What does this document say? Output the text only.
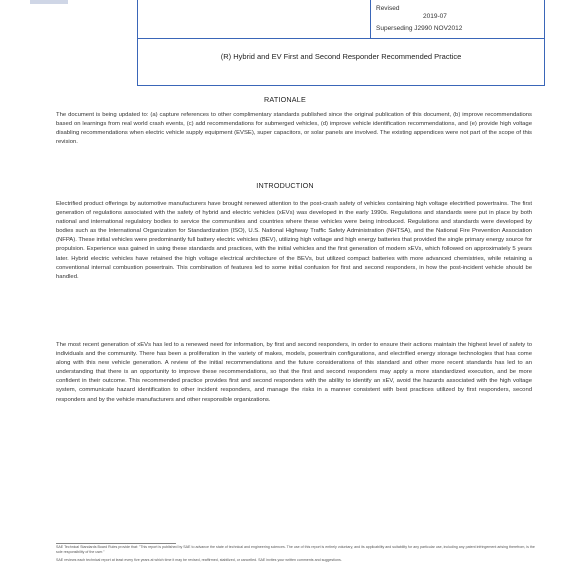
Revised
2019-07
Superseding J2990 NOV2012
(R) Hybrid and EV First and Second Responder Recommended Practice
RATIONALE
The document is being updated to: (a) capture references to other complimentary standards published since the original publication of this document, (b) improve recommendations based on learnings from real world crash events, (c) add recommendations for submerged vehicles, (d) improve vehicle identification recommendations, and (e) provide high voltage disabling recommendations when electric vehicle supply equipment (EVSE), super capacitors, or solar panels are involved. The existing appendices were not part of the scope of this revision.
INTRODUCTION
Electrified product offerings by automotive manufacturers have brought renewed attention to the post-crash safety of vehicles containing high voltage electrified powertrains. The first generation of regulations associated with the safety of hybrid and electric vehicles (xEVs) was developed in the early 1990s. Regulations and standards were put in place by both national and international regulatory bodies to service the communities and countries where these vehicles were being introduced. Regulations and standards were developed by bodies such as the International Organization for Standardization (ISO), U.S. National Highway Traffic Safety Administration (NHTSA), and the National Fire Prevention Association (NFPA). These initial vehicles were predominantly full battery electric vehicles (BEV), utilizing high voltage and high energy batteries that provided the single primary energy source for propulsion. Experience was gained in using these standards and practices, with the initial vehicles and the first generation of modern xEVs, which followed on approximately 5 years later. Hybrid electric vehicles have retained the high voltage electrical architecture of the BEVs, but utilized compact batteries with more advanced chemistries, while retaining a conventional internal combustion powertrain. This combination of features led to some initial confusion for first and second responders, in how the post-incident vehicle should be handled.
The most recent generation of xEVs has led to a renewed need for information, by first and second responders, in order to ensure their actions maintain the highest level of safety to individuals and the community. There has been a proliferation in the variety of makes, models, powertrain configurations, and electrified energy storage technologies that has come along with this new vehicle generation. A review of the initial recommendations and the future considerations of this standard and other more recent standards has led to an understanding that there is an opportunity to improve these recommendations, so that the first and second responders may apply a more standardized execution, and be more confident in their outcome. This recommended practice provides first and second responders with the ability to identify an xEV, avoid the hazards associated with the high voltage system, communicate hazard identification to other incident responders, and manage the risks in a manner consistent with best practices utilized by first responders, second responders and by the vehicle manufacturers and other responsible organizations.
SAE Technical Standards Board Rules provide that: "This report is published by SAE to advance the state of technical and engineering sciences. The use of this report is entirely voluntary, and its applicability and suitability for any particular use, including any patent infringement arising therefrom, is the sole responsibility of the user."
SAE reviews each technical report at least every five years at which time it may be revised, reaffirmed, stabilized, or cancelled. SAE invites your written comments and suggestions.
